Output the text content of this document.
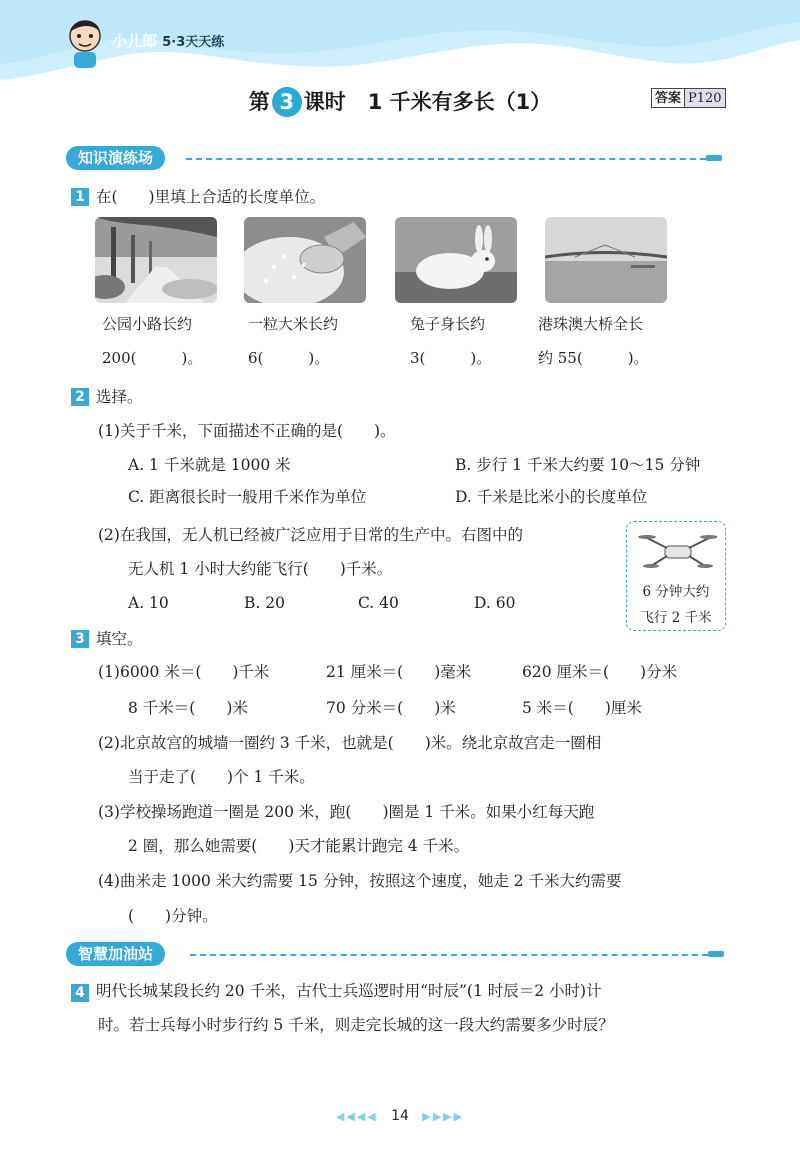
小儿郎 5·3天天练
第 3 课时 1 千米有多长（1）	答案 P120
知识演练场
1 在(　　)里填上合适的长度单位。
公园小路长约
200(　　　)。
一粒大米长约
6(　　　)。
兔子身长约
3(　　　)。
港珠澳大桥全长
约 55(　　　)。
2 选择。
(1)关于千米，下面描述不正确的是(　　)。
A. 1 千米就是 1000 米	B. 步行 1 千米大约要 10～15 分钟
C. 距离很长时一般用千米作为单位	D. 千米是比米小的长度单位
(2)在我国，无人机已经被广泛应用于日常的生产中。右图中的
无人机 1 小时大约能飞行(　　)千米。
A. 10	B. 20	C. 40	D. 60
6 分钟大约
飞行 2 千米
3 填空。
(1)6000 米＝(　　)千米	21 厘米＝(　　)毫米	620 厘米＝(　　)分米
8 千米＝(　　)米	70 分米＝(　　)米	5 米＝(　　)厘米
(2)北京故宫的城墙一圈约 3 千米，也就是(　　)米。绕北京故宫走一圈相
当于走了(　　)个 1 千米。
(3)学校操场跑道一圈是 200 米，跑(　　)圈是 1 千米。如果小红每天跑
2 圈，那么她需要(　　)天才能累计跑完 4 千米。
(4)曲米走 1000 米大约需要 15 分钟，按照这个速度，她走 2 千米大约需要
(　　)分钟。
智慧加油站
4 明代长城某段长约 20 千米，古代士兵巡逻时用“时辰”(1 时辰＝2 小时)计
时。若士兵每小时步行约 5 千米，则走完长城的这一段大约需要多少时辰？
◀◀◀◀ 14 ▶▶▶▶
